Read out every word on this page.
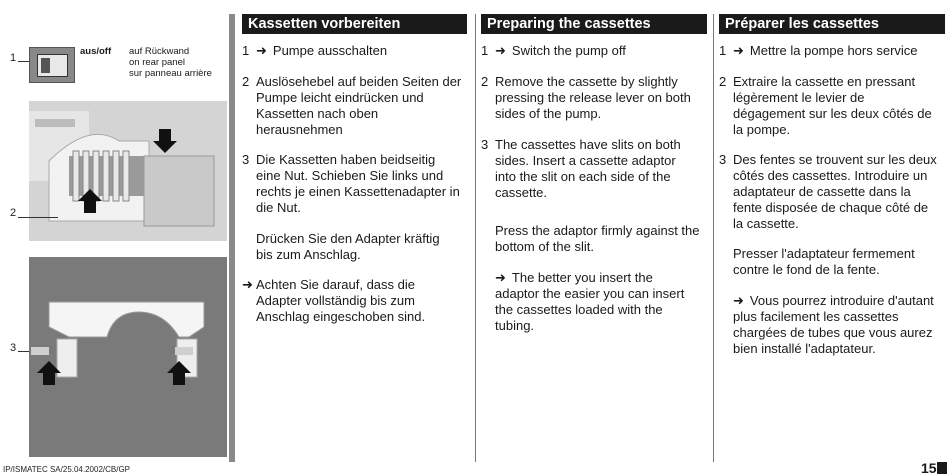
1
aus/off auf Rückwand
on rear panel
sur panneau arrière
2
3
Kassetten vorbereiten
1 ➜ Pumpe ausschalten
2 Auslösehebel auf beiden Seiten der
Pumpe leicht eindrücken und
Kassetten nach oben
herausnehmen
3 Die Kassetten haben beidseitig
eine Nut. Schieben Sie links und
rechts je einen Kassettenadapter in
die Nut.
Drücken Sie den Adapter kräftig
bis zum Anschlag.
➜ Achten Sie darauf, dass die
Adapter vollständig bis zum
Anschlag eingeschoben sind.
Preparing the cassettes
1 ➜ Switch the pump off
2 Remove the cassette by slightly
pressing the release lever on both
sides of the pump.
3 The cassettes have slits on both
sides. Insert a cassette adaptor
into the slit on each side of the
cassette.
Press the adaptor firmly against the
bottom of the slit.
➜ The better you insert the
adaptor the easier you can insert
the cassettes loaded with the
tubing.
Préparer les cassettes
1 ➜ Mettre la pompe hors service
2 Extraire la cassette en pressant
légèrement le levier de
dégagement sur les deux côtés de
la pompe.
3 Des fentes se trouvent sur les deux
côtés des cassettes. Introduire un
adaptateur de cassette dans la
fente disposée de chaque côté de
la cassette.
Presser l'adaptateur fermement
contre le fond de la fente.
➜ Vous pourrez introduire d'autant
plus facilement les cassettes
chargées de tubes que vous aurez
bien installé l'adaptateur.
IP/ISMATEC SA/25.04.2002/CB/GP	15
